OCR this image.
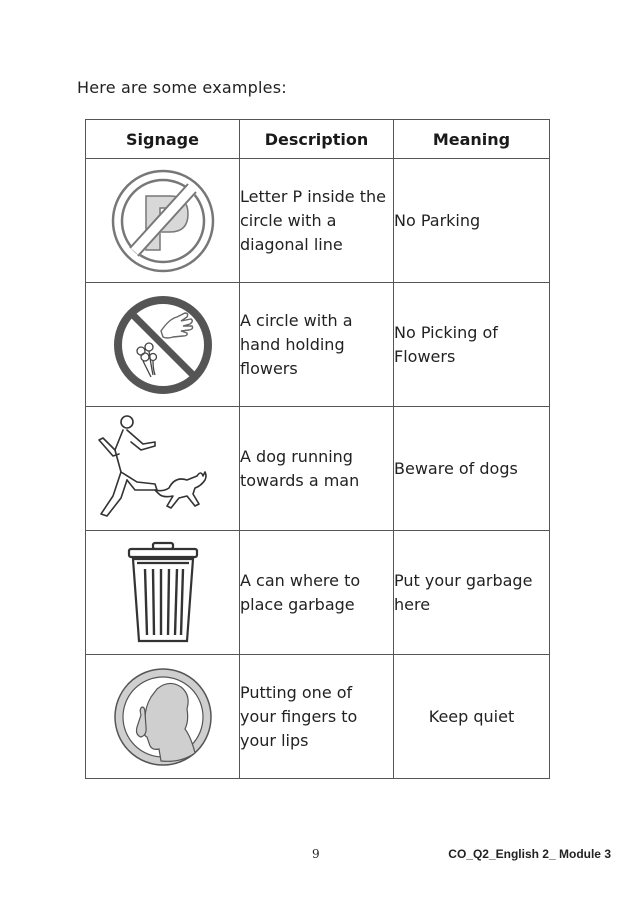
Here are some examples:
Signage	Description	Meaning

	Letter P inside the circle with a diagonal line	No Parking

	A circle with a hand holding flowers	No Picking of Flowers

	A dog running towards a man	Beware of dogs

	A can where to place garbage	Put your garbage here

	Putting one of your fingers to your lips	Keep quiet
9	CO_Q2_English 2_ Module 3
